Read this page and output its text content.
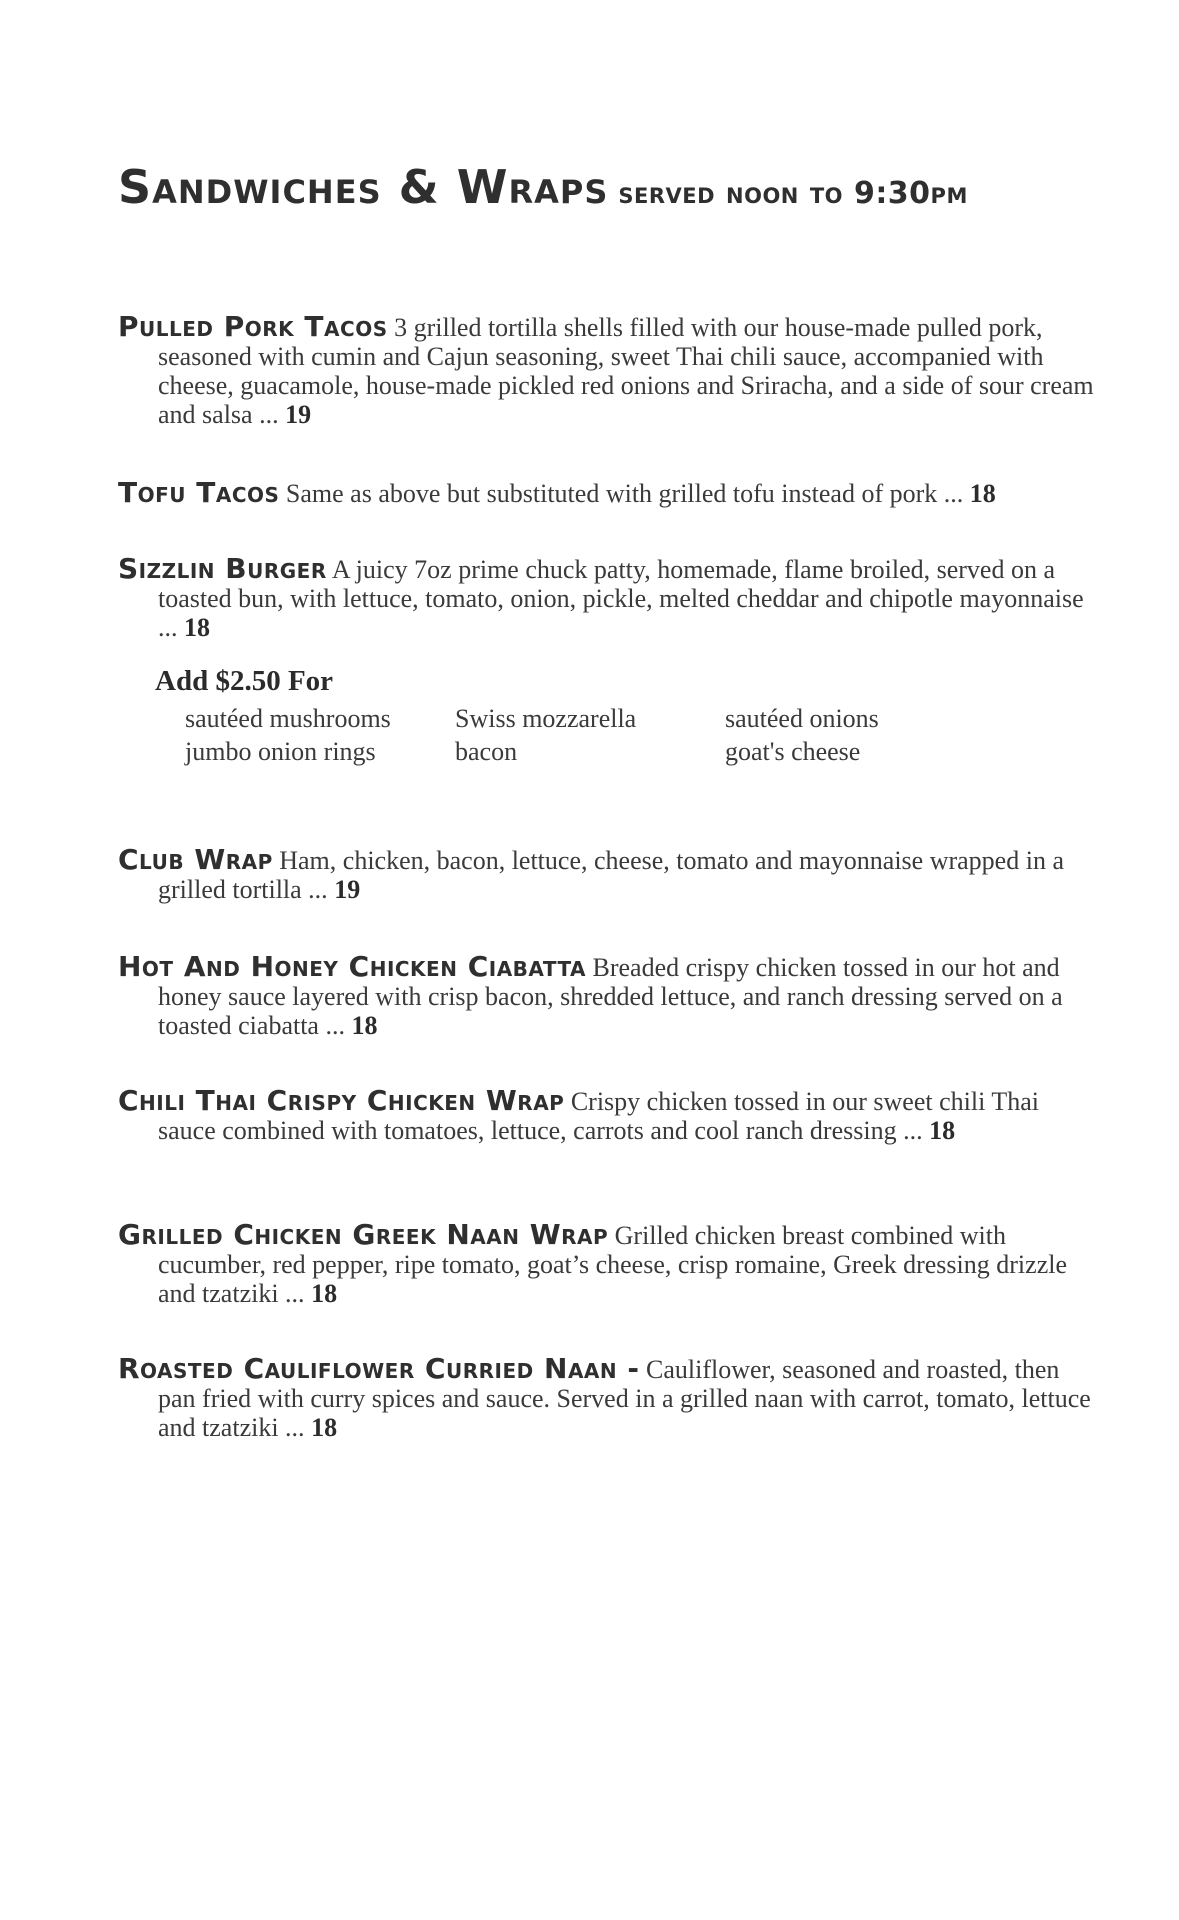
Sandwiches & Wraps served noon to 9:30pm
Pulled Pork Tacos 3 grilled tortilla shells filled with our house-made pulled pork, seasoned with cumin and Cajun seasoning, sweet Thai chili sauce, accompanied with cheese, guacamole, house-made pickled red onions and Sriracha, and a side of sour cream and salsa ... 19
Tofu Tacos Same as above but substituted with grilled tofu instead of pork ... 18
Sizzlin Burger A juicy 7oz prime chuck patty, homemade, flame broiled, served on a toasted bun, with lettuce, tomato, onion, pickle, melted cheddar and chipotle mayonnaise ... 18
Add $2.50 For
sautéed mushrooms	Swiss mozzarella	sautéed onions
jumbo onion rings	bacon	goat's cheese
Club Wrap Ham, chicken, bacon, lettuce, cheese, tomato and mayonnaise wrapped in a grilled tortilla ... 19
Hot And Honey Chicken Ciabatta Breaded crispy chicken tossed in our hot and honey sauce layered with crisp bacon, shredded lettuce, and ranch dressing served on a toasted ciabatta ... 18
Chili Thai Crispy Chicken Wrap Crispy chicken tossed in our sweet chili Thai sauce combined with tomatoes, lettuce, carrots and cool ranch dressing ... 18
Grilled Chicken Greek Naan Wrap Grilled chicken breast combined with cucumber, red pepper, ripe tomato, goat’s cheese, crisp romaine, Greek dressing drizzle and tzatziki ... 18
Roasted Cauliflower Curried Naan - Cauliflower, seasoned and roasted, then pan fried with curry spices and sauce. Served in a grilled naan with carrot, tomato, lettuce and tzatziki ... 18
